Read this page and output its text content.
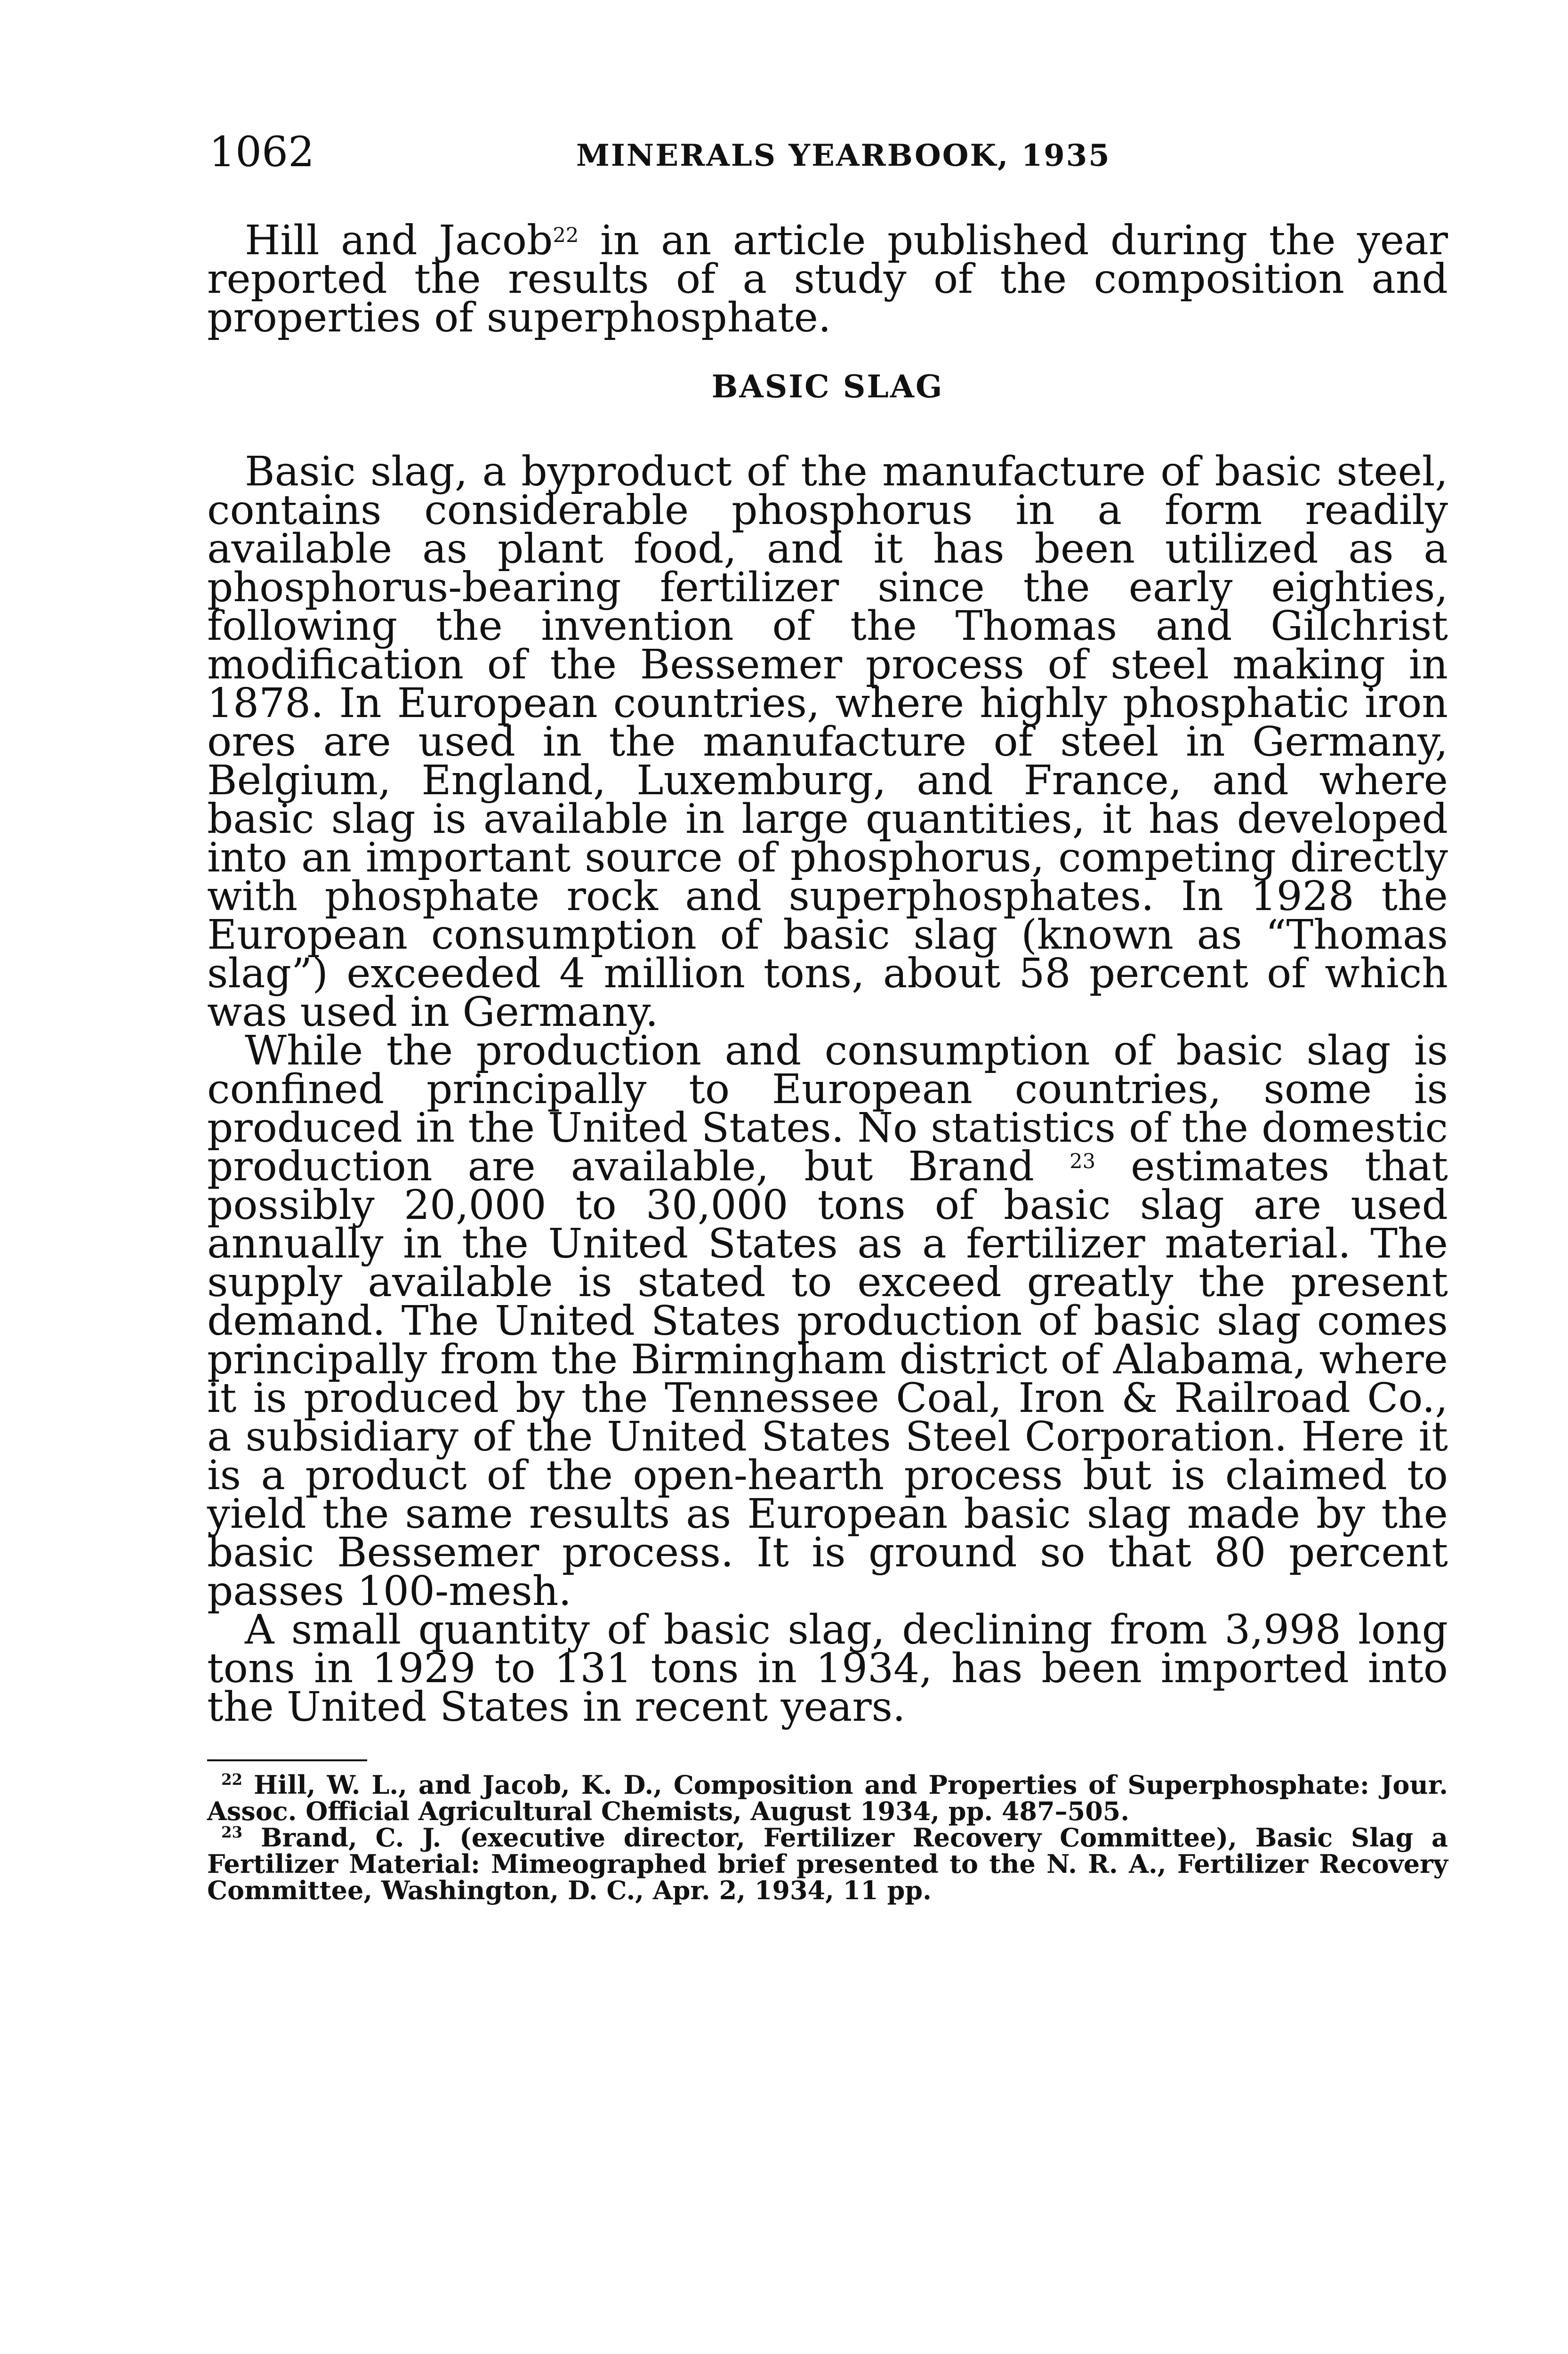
1062	MINERALS YEARBOOK, 1935

Hill and Jacob$^{22}$ in an article published during the year reported the results of a study of the composition and properties of superphosphate.

BASIC SLAG

Basic slag, a byproduct of the manufacture of basic steel, contains considerable phosphorus in a form readily available as plant food, and it has been utilized as a phosphorus-bearing fertilizer since the early eighties, following the invention of the Thomas and Gilchrist modification of the Bessemer process of steel making in 1878. In European countries, where highly phosphatic iron ores are used in the manufacture of steel in Germany, Belgium, England, Luxemburg, and France, and where basic slag is available in large quantities, it has developed into an important source of phosphorus, competing directly with phosphate rock and superphosphates. In 1928 the European consumption of basic slag (known as “Thomas slag”) exceeded 4 million tons, about 58 percent of which was used in Germany.

While the production and consumption of basic slag is confined principally to European countries, some is produced in the United States. No statistics of the domestic production are available, but Brand $^{23}$ estimates that possibly 20,000 to 30,000 tons of basic slag are used annually in the United States as a fertilizer material. The supply available is stated to exceed greatly the present demand. The United States production of basic slag comes principally from the Birmingham district of Alabama, where it is produced by the Tennessee Coal, Iron & Railroad Co., a subsidiary of the United States Steel Corporation. Here it is a product of the open-hearth process but is claimed to yield the same results as European basic slag made by the basic Bessemer process. It is ground so that 80 percent passes 100-mesh.

A small quantity of basic slag, declining from 3,998 long tons in 1929 to 131 tons in 1934, has been imported into the United States in recent years.

$^{22}$ Hill, W. L., and Jacob, K. D., Composition and Properties of Superphosphate: Jour. Assoc. Official Agricultural Chemists, August 1934, pp. 487–505.

$^{23}$ Brand, C. J. (executive director, Fertilizer Recovery Committee), Basic Slag a Fertilizer Material: Mimeographed brief presented to the N. R. A., Fertilizer Recovery Committee, Washington, D. C., Apr. 2, 1934, 11 pp.
